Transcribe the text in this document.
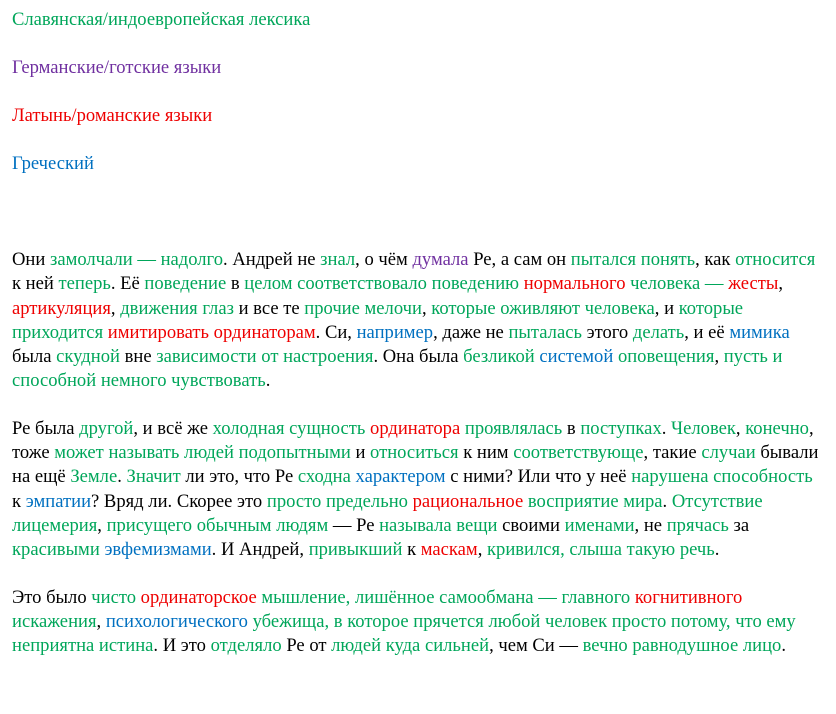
Славянская/индоевропейская лексика

Германские/готские языки

Латынь/романские языки

Греческий

Они замолчали — надолго. Андрей не знал, о чём думала Ре, а сам он пытался понять, как относится к ней теперь. Её поведение в целом соответствовало поведению нормального человека — жесты, артикуляция, движения глаз и все те прочие мелочи, которые оживляют человека, и которые приходится имитировать ординаторам. Си, например, даже не пыталась этого делать, и её мимика была скудной вне зависимости от настроения. Она была безликой системой оповещения, пусть и способной немного чувствовать.

Ре была другой, и всё же холодная сущность ординатора проявлялась в поступках. Человек, конечно, тоже может называть людей подопытными и относиться к ним соответствующе, такие случаи бывали на ещё Земле. Значит ли это, что Ре сходна характером с ними? Или что у неё нарушена способность к эмпатии? Вряд ли. Скорее это просто предельно рациональное восприятие мира. Отсутствие лицемерия, присущего обычным людям — Ре называла вещи своими именами, не прячась за красивыми эвфемизмами. И Андрей, привыкший к маскам, кривился, слыша такую речь.

Это было чисто ординаторское мышление, лишённое самообмана — главного когнитивного искажения, психологического убежища, в которое прячется любой человек просто потому, что ему неприятна истина. И это отделяло Ре от людей куда сильней, чем Си — вечно равнодушное лицо.
